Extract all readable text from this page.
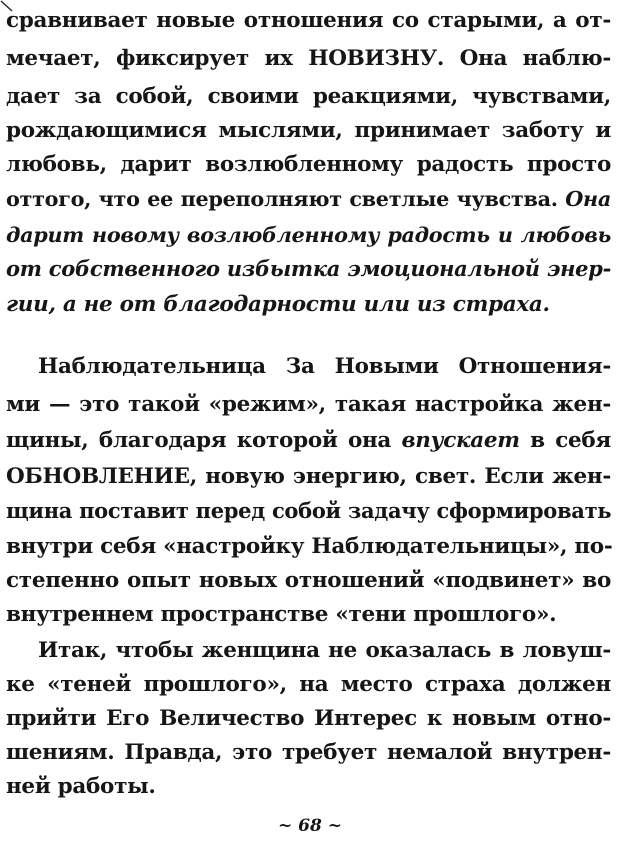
сравнивает новые отношения со старыми, а от-
мечает, фиксирует их НОВИЗНУ. Она наблю-
дает за собой, своими реакциями, чувствами,
рождающимися мыслями, принимает заботу и
любовь, дарит возлюбленному радость просто
оттого, что ее переполняют светлые чувства. Она
дарит новому возлюбленному радость и любовь
от собственного избытка эмоциональной энер-
гии, а не от благодарности или из страха.
Наблюдательница За Новыми Отношения-
ми — это такой «режим», такая настройка жен-
щины, благодаря которой она впускает в себя
ОБНОВЛЕНИЕ, новую энергию, свет. Если жен-
щина поставит перед собой задачу сформировать
внутри себя «настройку Наблюдательницы», по-
степенно опыт новых отношений «подвинет» во
внутреннем пространстве «тени прошлого».
Итак, чтобы женщина не оказалась в ловуш-
ке «теней прошлого», на место страха должен
прийти Его Величество Интерес к новым отно-
шениям. Правда, это требует немалой внутрен-
ней работы.
~ 68 ~
